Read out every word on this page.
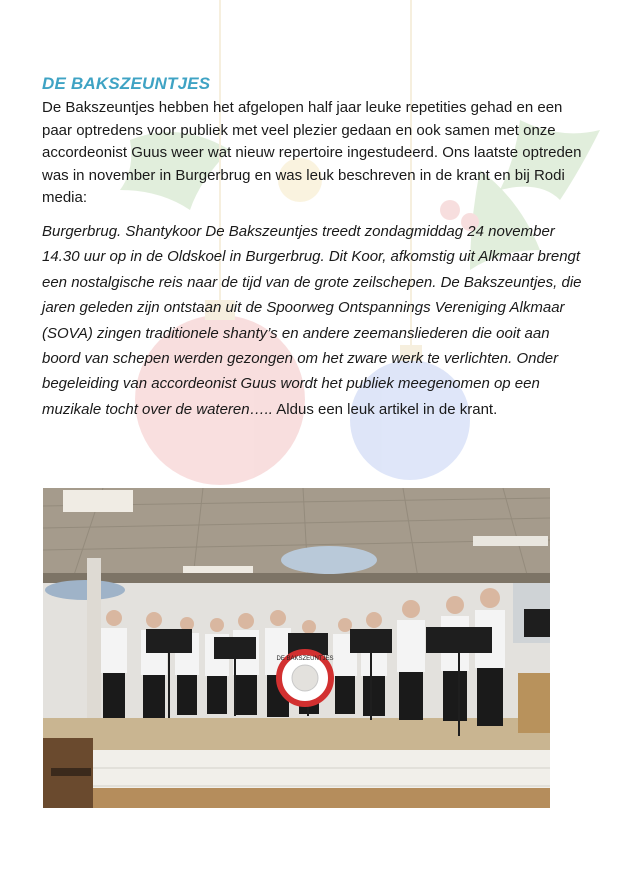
DE BAKSZEUNTJES

De Bakszeuntjes hebben het afgelopen half jaar leuke repetities gehad en een paar optredens voor publiek met veel plezier gedaan en ook samen met onze accordeonist Guus weer wat nieuw repertoire ingestudeerd. Ons laatste optreden was in november in Burgerbrug en was leuk beschreven in de krant en bij Rodi media:

Burgerbrug. Shantykoor De Bakszeuntjes treedt zondagmiddag 24 november 14.30 uur op in de Oldskoel in Burgerbrug. Dit Koor, afkomstig uit Alkmaar brengt een nostalgische reis naar de tijd van de grote zeilschepen. De Bakszeuntjes, die jaren geleden zijn ontstaan uit de Spoorweg Ontspannings Vereniging Alkmaar (SOVA) zingen traditionele shanty’s en andere zeemansliederen die ooit aan boord van schepen werden gezongen om het zware werk te verlichten. Onder begeleiding van accordeonist Guus wordt het publiek meegenomen op een muzikale tocht over de wateren….. Aldus een leuk artikel in de krant.

DE BAKSZEUNTJES
